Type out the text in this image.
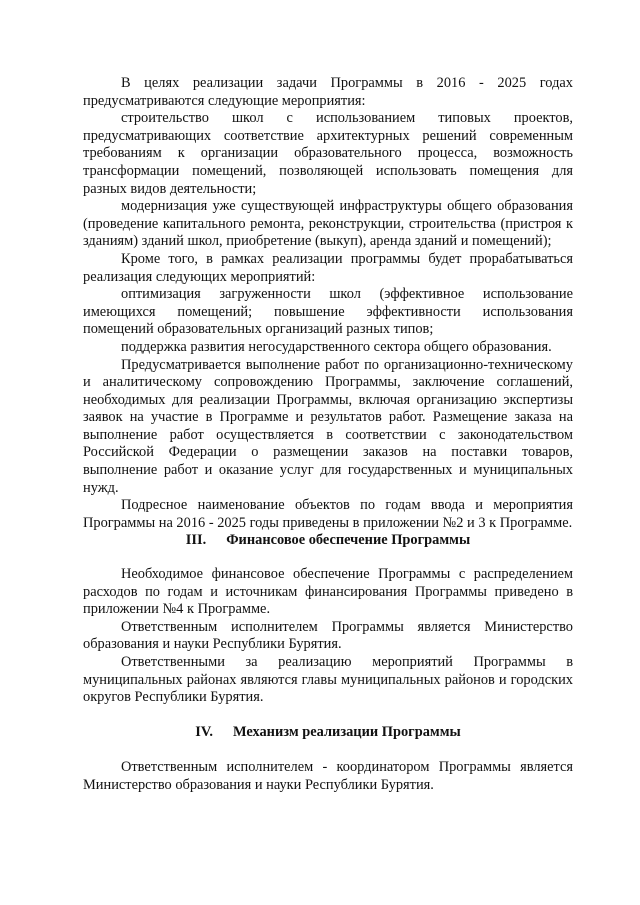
В целях реализации задачи Программы в 2016 - 2025 годах предусматриваются следующие мероприятия:

строительство школ с использованием типовых проектов, предусматривающих соответствие архитектурных решений современным требованиям к организации образовательного процесса, возможность трансформации помещений, позволяющей использовать помещения для разных видов деятельности;

модернизация уже существующей инфраструктуры общего образования (проведение капитального ремонта, реконструкции, строительства (пристроя к зданиям) зданий школ, приобретение (выкуп), аренда зданий и помещений);

Кроме того, в рамках реализации программы будет прорабатываться реализация следующих мероприятий:

оптимизация загруженности школ (эффективное использование имеющихся помещений; повышение эффективности использования помещений образовательных организаций разных типов;

поддержка развития негосударственного сектора общего образования.

Предусматривается выполнение работ по организационно-техническому и аналитическому сопровождению Программы, заключение соглашений, необходимых для реализации Программы, включая организацию экспертизы заявок на участие в Программе и результатов работ. Размещение заказа на выполнение работ осуществляется в соответствии с законодательством Российской Федерации о размещении заказов на поставки товаров, выполнение работ и оказание услуг для государственных и муниципальных нужд.

Подресное наименование объектов по годам ввода и мероприятия Программы на 2016 - 2025 годы приведены в приложении №2 и 3 к Программе.

III. Финансовое обеспечение Программы

Необходимое финансовое обеспечение Программы с распределением расходов по годам и источникам финансирования Программы приведено в приложении №4 к Программе.

Ответственным исполнителем Программы является Министерство образования и науки Республики Бурятия.

Ответственными за реализацию мероприятий Программы в муниципальных районах являются главы муниципальных районов и городских округов Республики Бурятия.

IV. Механизм реализации Программы

Ответственным исполнителем - координатором Программы является Министерство образования и науки Республики Бурятия.
